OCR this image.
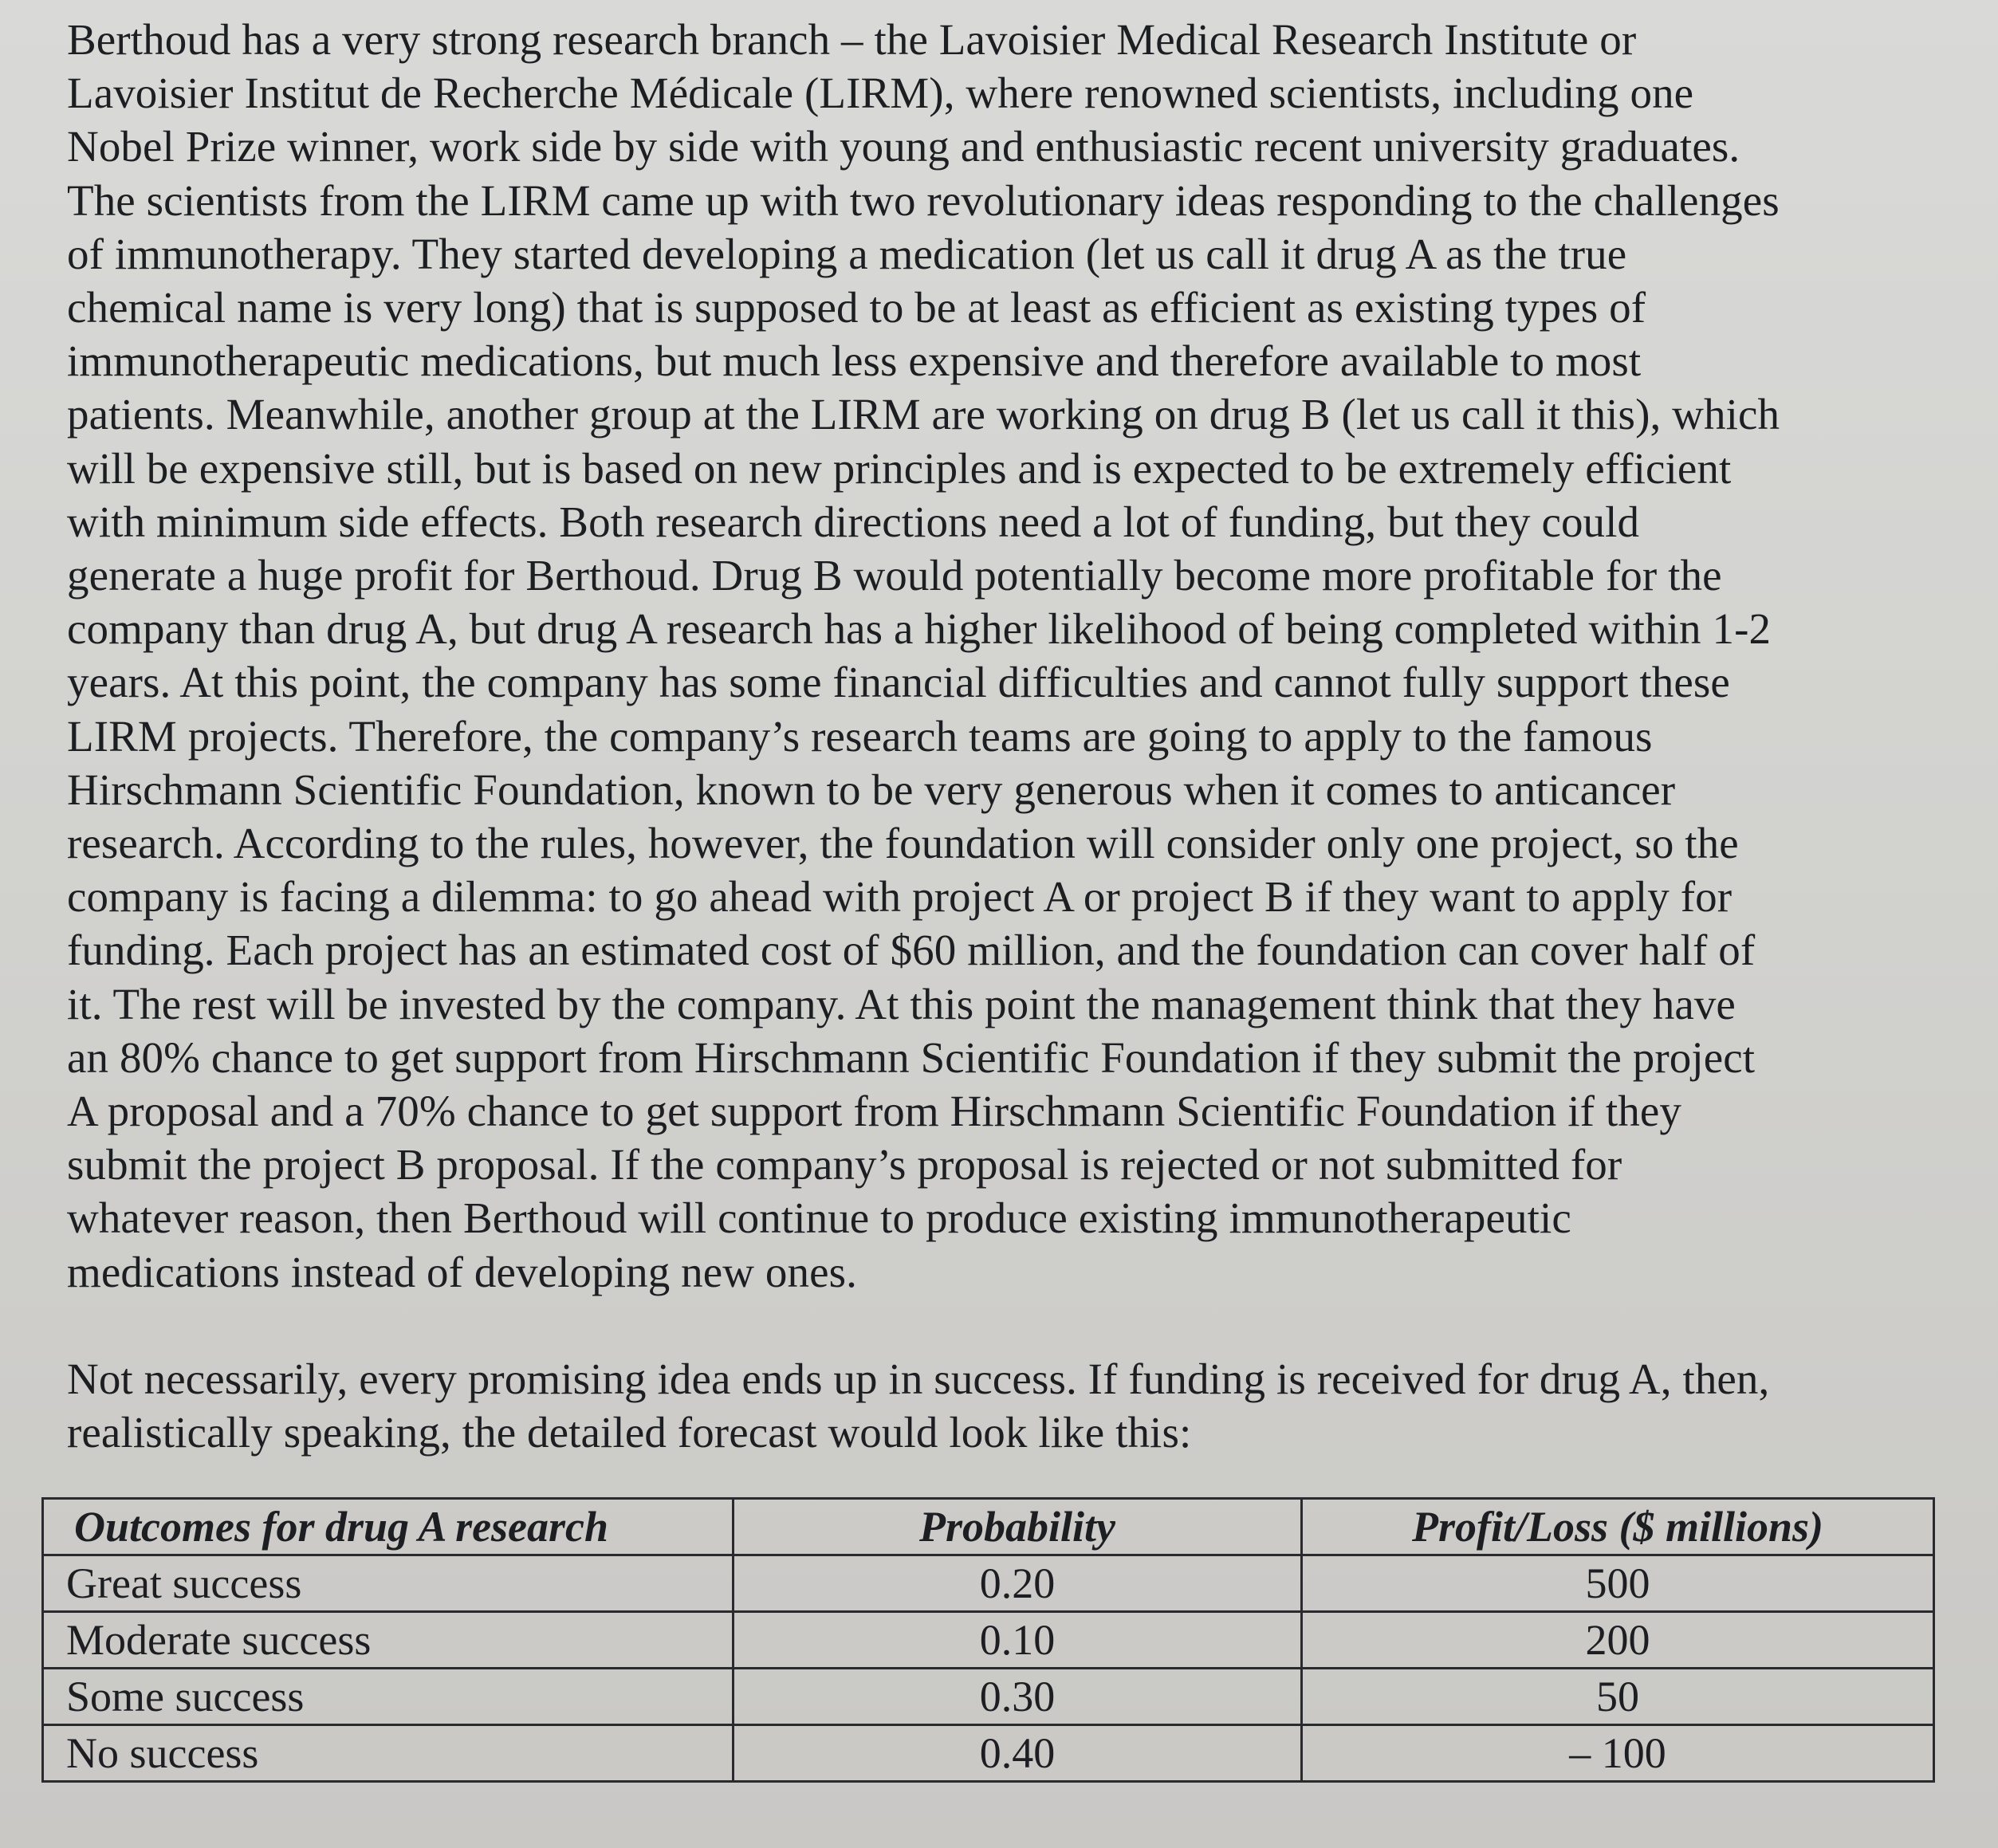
Berthoud has a very strong research branch – the Lavoisier Medical Research Institute or
Lavoisier Institut de Recherche Médicale (LIRM), where renowned scientists, including one
Nobel Prize winner, work side by side with young and enthusiastic recent university graduates.
The scientists from the LIRM came up with two revolutionary ideas responding to the challenges
of immunotherapy. They started developing a medication (let us call it drug A as the true
chemical name is very long) that is supposed to be at least as efficient as existing types of
immunotherapeutic medications, but much less expensive and therefore available to most
patients. Meanwhile, another group at the LIRM are working on drug B (let us call it this), which
will be expensive still, but is based on new principles and is expected to be extremely efficient
with minimum side effects. Both research directions need a lot of funding, but they could
generate a huge profit for Berthoud. Drug B would potentially become more profitable for the
company than drug A, but drug A research has a higher likelihood of being completed within 1-2
years. At this point, the company has some financial difficulties and cannot fully support these
LIRM projects. Therefore, the company’s research teams are going to apply to the famous
Hirschmann Scientific Foundation, known to be very generous when it comes to anticancer
research. According to the rules, however, the foundation will consider only one project, so the
company is facing a dilemma: to go ahead with project A or project B if they want to apply for
funding. Each project has an estimated cost of $60 million, and the foundation can cover half of
it. The rest will be invested by the company. At this point the management think that they have
an 80% chance to get support from Hirschmann Scientific Foundation if they submit the project
A proposal and a 70% chance to get support from Hirschmann Scientific Foundation if they
submit the project B proposal. If the company’s proposal is rejected or not submitted for
whatever reason, then Berthoud will continue to produce existing immunotherapeutic
medications instead of developing new ones.

Not necessarily, every promising idea ends up in success. If funding is received for drug A, then,
realistically speaking, the detailed forecast would look like this:

Outcomes for drug A research	Probability	Profit/Loss ($ millions)
Great success	0.20	500
Moderate success	0.10	200
Some success	0.30	50
No success	0.40	– 100
